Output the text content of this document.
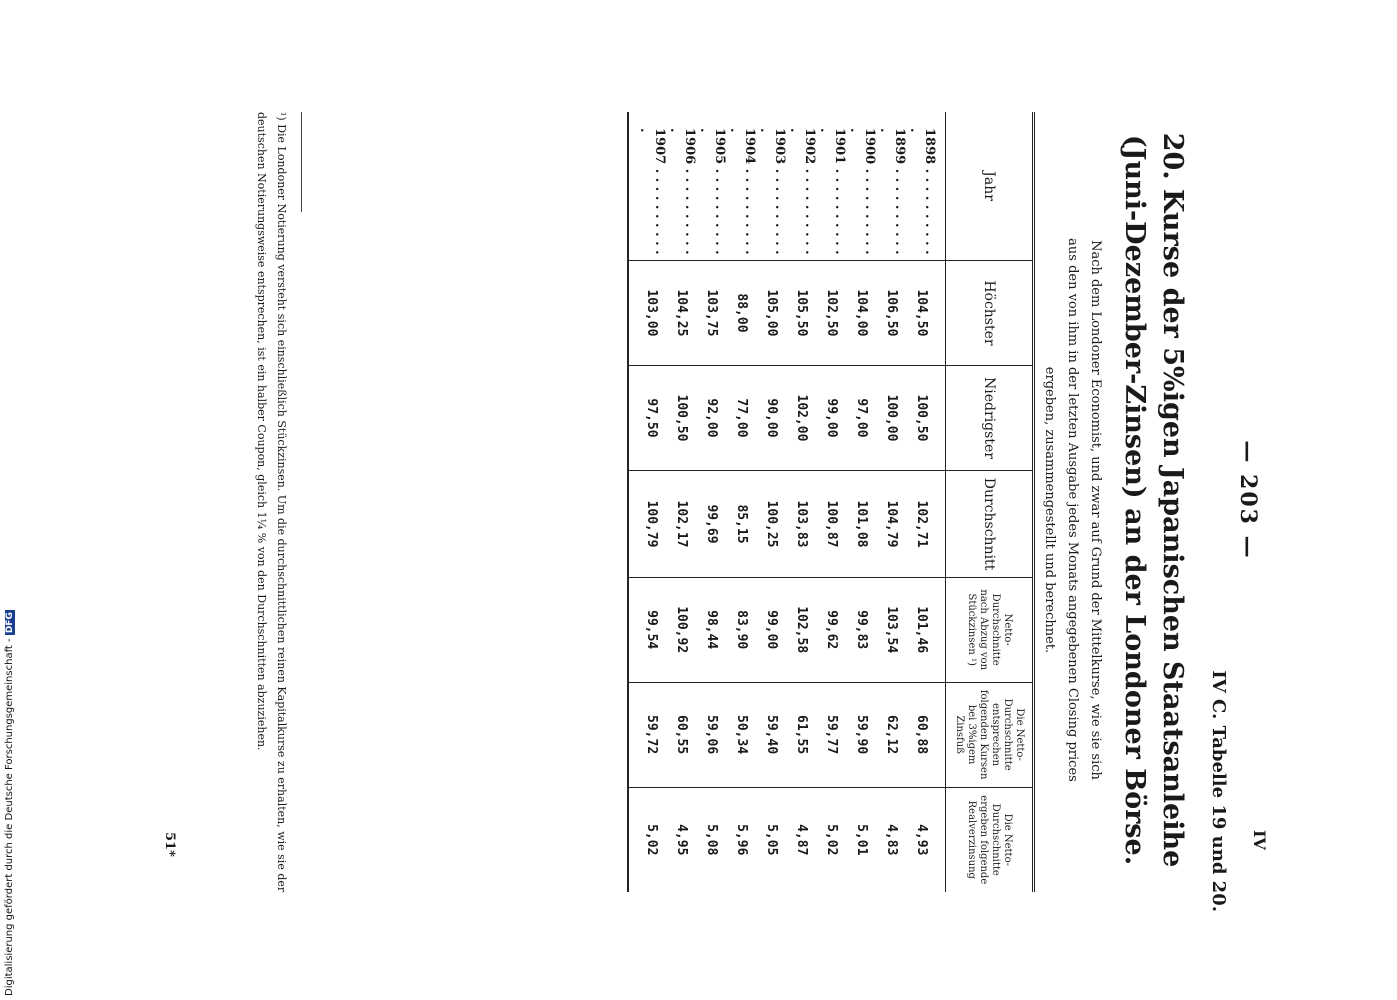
— 203 —
IV C. Tabelle 19 und 20.
20. Kurse der 5%igen Japanischen Staatsanleihe (Juni-Dezember-Zinsen) an der Londoner Börse.
Nach dem Londoner Economist, und zwar auf Grund der Mittelkurse, wie sie sich aus den von ihm in der letzten Ausgabe jedes Monats angegebenen Closing prices ergeben, zusammengestellt und berechnet.
Jahr	Höchster	Niedrigster	Durchschnitt	Netto-Durchschnitte nach Abzug von Stückzinsen ¹)	Die Netto-Durchschnitte entsprechen folgenden Kursen bei 3%igem Zinsfuß	Die Netto-Durchschnitte ergeben folgende Realverzinsung
1898 . . . . . . . . . . .	104,50	100,50	102,71	101,46	60,88	4,93
1899 . . . . . . . . . . .	106,50	100,00	104,79	103,54	62,12	4,83
1900 . . . . . . . . . . .	104,00	97,00	101,08	99,83	59,90	5,01
1901 . . . . . . . . . . .	102,50	99,00	100,87	99,62	59,77	5,02
1902 . . . . . . . . . . .	105,50	102,00	103,83	102,58	61,55	4,87
1903 . . . . . . . . . . .	105,00	90,00	100,25	99,00	59,40	5,05
1904 . . . . . . . . . . .	88,00	77,00	85,15	83,90	50,34	5,96
1905 . . . . . . . . . . .	103,75	92,00	99,69	98,44	59,06	5,08
1906 . . . . . . . . . . .	104,25	100,50	102,17	100,92	60,55	4,95
1907 . . . . . . . . . . .	103,00	97,50	100,79	99,54	59,72	5,02
¹) Die Londoner Notierung versteht sich einschließlich Stückzinsen. Um die durchschnittlichen reinen Kapitalkurse zu erhalten, wie sie der deutschen Notierungsweise entsprechen, ist ein halber Coupon, gleich 1¼ % von den Durchschnitten abzuziehen.
IV
51*
Digitalisierung gefördert durch die Deutsche Forschungsgemeinschaft - DFG
